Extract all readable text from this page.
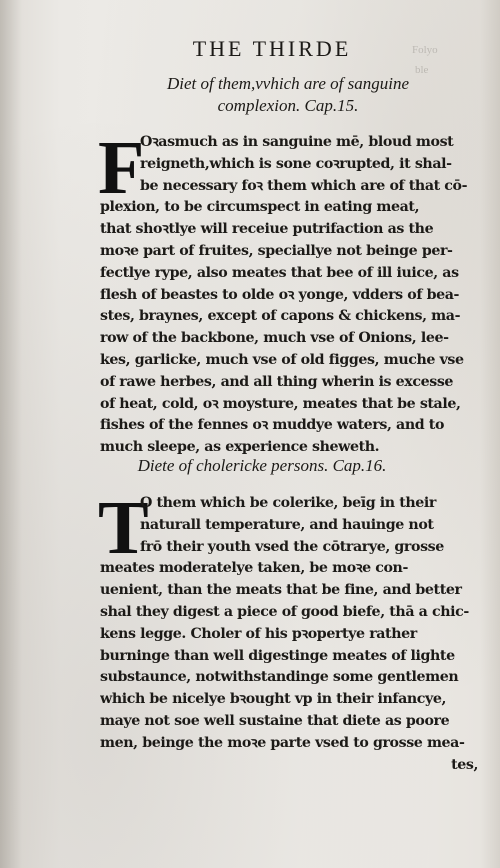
Folyo
ble
THE THIRDE
Diet of them,vvhich are of sanguine
complexion. Cap.15.
F
Oꝛasmuch as in sanguine mē, bloud most
reigneth,which is sone coꝛrupted, it shal-
be necessary foꝛ them which are of that cō-
plexion, to be circumspect in eating meat,
that shoꝛtlye will receiue putrifaction as the
moꝛe part of fruites, speciallye not beinge per-
fectlye rype, also meates that bee of ill iuice, as
flesh of beastes to olde oꝛ yonge, vdders of bea-
stes, braynes, except of capons & chickens, ma-
row of the backbone, much vse of Onions, lee-
kes, garlicke, much vse of old figges, muche vse
of rawe herbes, and all thing wherin is excesse
of heat, cold, oꝛ moysture, meates that be stale,
fishes of the fennes oꝛ muddye waters, and to
much sleepe, as experience sheweth.
Diete of cholericke persons. Cap.16.
T
O them which be colerike, beīg in their
naturall temperature, and hauinge not
frō their youth vsed the cōtrarye, grosse
meates moderatelye taken, be moꝛe con-
uenient, than the meats that be fine, and better
shal they digest a piece of good biefe, thā a chic-
kens legge. Choler of his pꝛopertye rather
burninge than well digestinge meates of lighte
substaunce, notwithstandinge some gentlemen
which be nicelye bꝛought vp in their infancye,
maye not soe well sustaine that diete as poore
men, beinge the moꝛe parte vsed to grosse mea-
tes,
